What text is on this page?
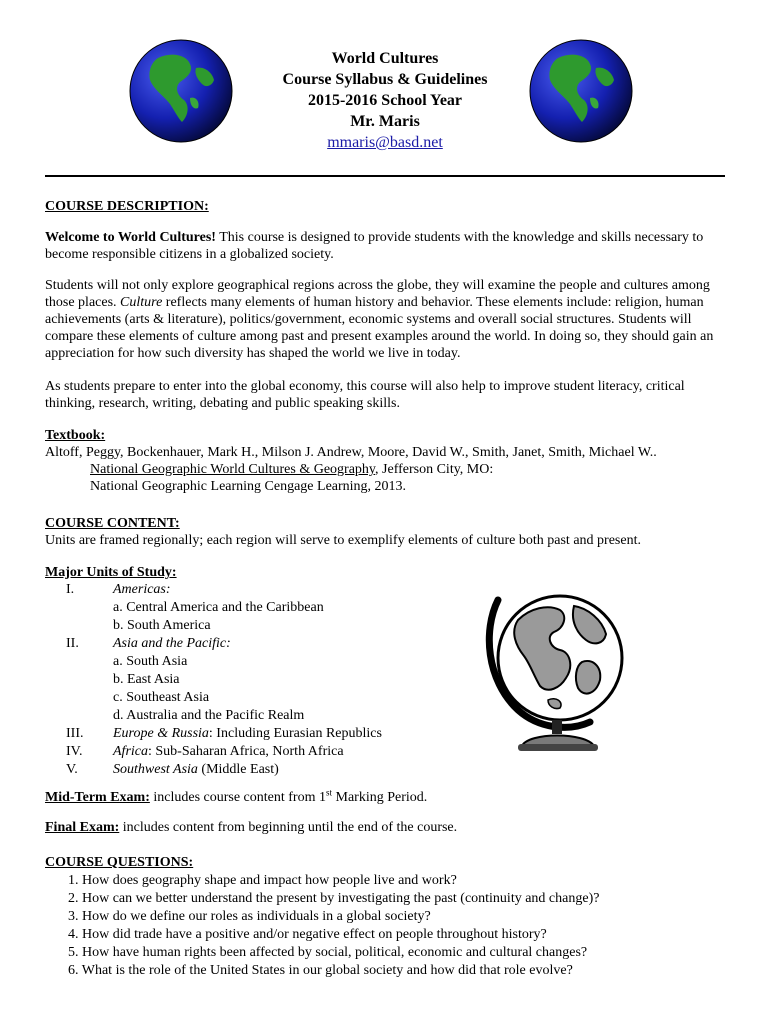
World Cultures
Course Syllabus & Guidelines
2015-2016 School Year
Mr. Maris
mmaris@basd.net
COURSE DESCRIPTION:

Welcome to World Cultures! This course is designed to provide students with the knowledge and skills necessary to become responsible citizens in a globalized society.

Students will not only explore geographical regions across the globe, they will examine the people and cultures among those places. Culture reflects many elements of human history and behavior. These elements include: religion, human achievements (arts & literature), politics/government, economic systems and overall social structures. Students will compare these elements of culture among past and present examples around the world. In doing so, they should gain an appreciation for how such diversity has shaped the world we live in today.

As students prepare to enter into the global economy, this course will also help to improve student literacy, critical thinking, research, writing, debating and public speaking skills.

Textbook:
Altoff, Peggy, Bockenhauer, Mark H., Milson J. Andrew, Moore, David W., Smith, Janet, Smith, Michael W..
National Geographic World Cultures & Geography, Jefferson City, MO:
National Geographic Learning Cengage Learning, 2013.
COURSE CONTENT:
Units are framed regionally; each region will serve to exemplify elements of culture both past and present.
Major Units of Study:
I.	Americas:
a. Central America and the Caribbean
b. South America
II.	Asia and the Pacific:
a. South Asia
b. East Asia
c. Southeast Asia
d. Australia and the Pacific Realm
III.	Europe & Russia: Including Eurasian Republics
IV.	Africa: Sub-Saharan Africa, North Africa
V.	Southwest Asia (Middle East)

Mid-Term Exam: includes course content from 1st Marking Period.

Final Exam: includes content from beginning until the end of the course.

COURSE QUESTIONS:
1. How does geography shape and impact how people live and work?
2. How can we better understand the present by investigating the past (continuity and change)?
3. How do we define our roles as individuals in a global society?
4. How did trade have a positive and/or negative effect on people throughout history?
5. How have human rights been affected by social, political, economic and cultural changes?
6. What is the role of the United States in our global society and how did that role evolve?
